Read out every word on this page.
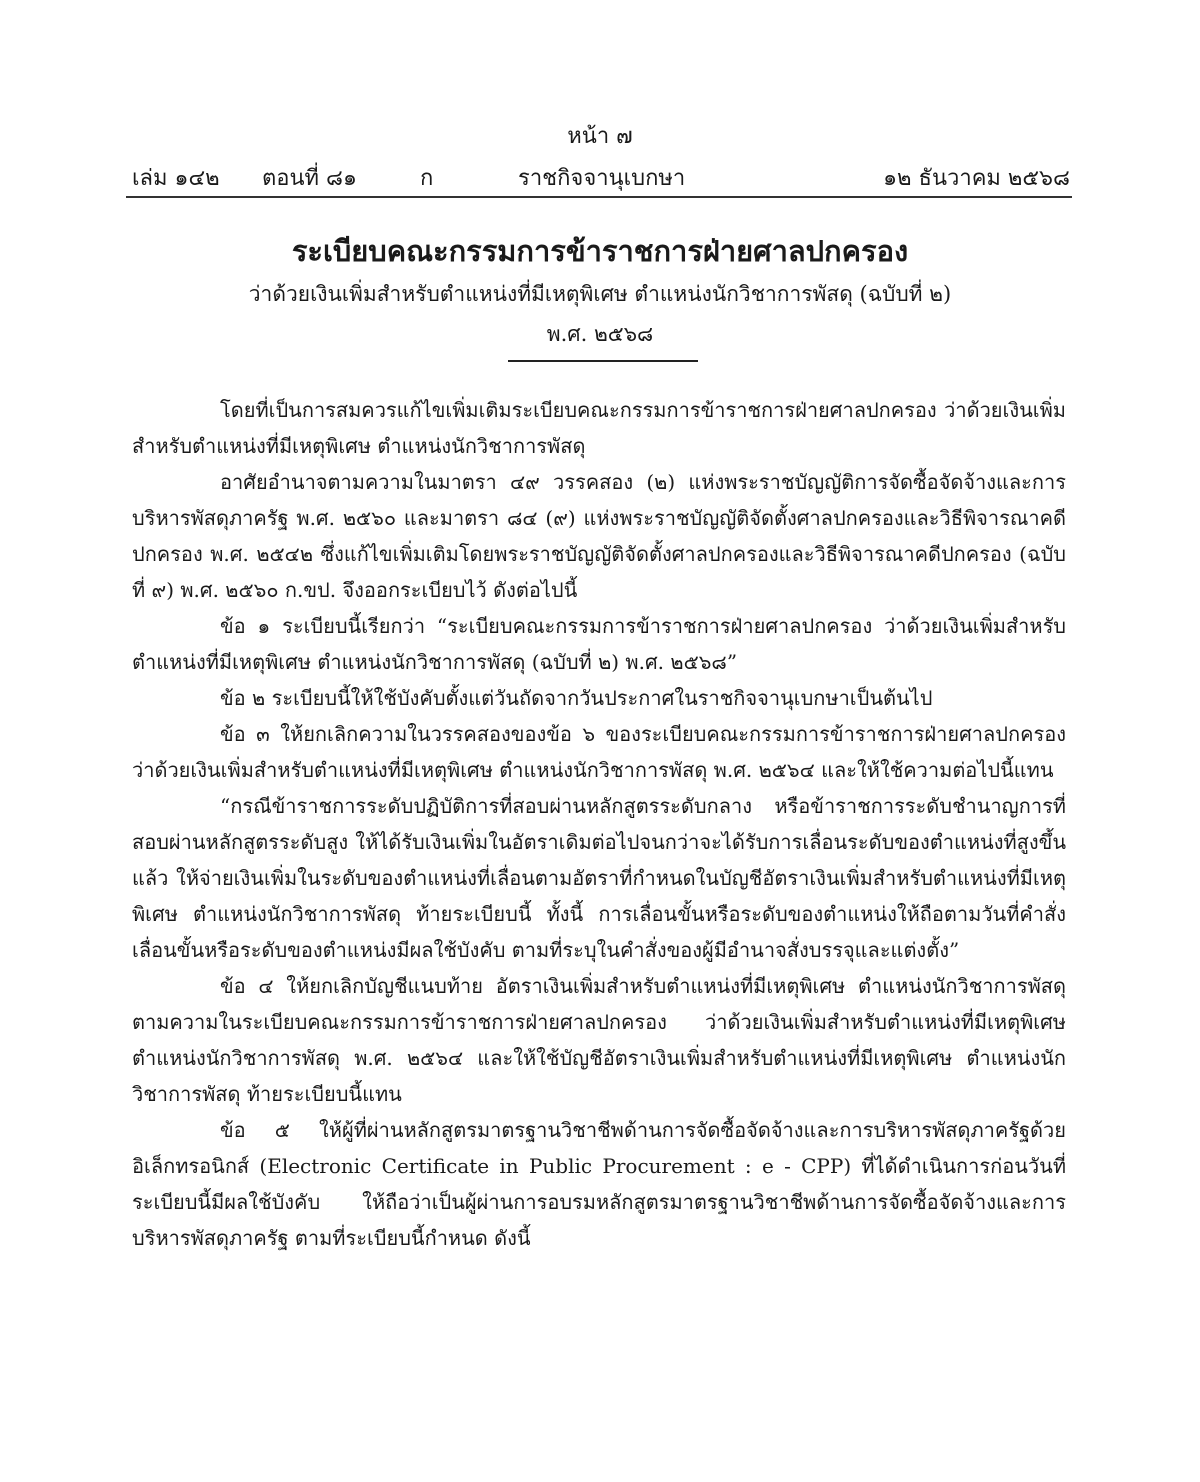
หน้า ๗
เล่ม ๑๔๒ ตอนที่ ๘๑	ก	ราชกิจจานุเบกษา	๑๒ ธันวาคม ๒๕๖๘
ระเบียบคณะกรรมการข้าราชการฝ่ายศาลปกครอง
ว่าด้วยเงินเพิ่มสำหรับตำแหน่งที่มีเหตุพิเศษ ตำแหน่งนักวิชาการพัสดุ (ฉบับที่ ๒)
พ.ศ. ๒๕๖๘

โดยที่เป็นการสมควรแก้ไขเพิ่มเติมระเบียบคณะกรรมการข้าราชการฝ่ายศาลปกครอง ว่าด้วยเงินเพิ่มสำหรับตำแหน่งที่มีเหตุพิเศษ ตำแหน่งนักวิชาการพัสดุ

อาศัยอำนาจตามความในมาตรา ๔๙ วรรคสอง (๒) แห่งพระราชบัญญัติการจัดซื้อจัดจ้างและการบริหารพัสดุภาครัฐ พ.ศ. ๒๕๖๐ และมาตรา ๘๔ (๙) แห่งพระราชบัญญัติจัดตั้งศาลปกครองและวิธีพิจารณาคดีปกครอง พ.ศ. ๒๕๔๒ ซึ่งแก้ไขเพิ่มเติมโดยพระราชบัญญัติจัดตั้งศาลปกครองและวิธีพิจารณาคดีปกครอง (ฉบับที่ ๙) พ.ศ. ๒๕๖๐ ก.ขป. จึงออกระเบียบไว้ ดังต่อไปนี้

ข้อ ๑ ระเบียบนี้เรียกว่า “ระเบียบคณะกรรมการข้าราชการฝ่ายศาลปกครอง ว่าด้วยเงินเพิ่มสำหรับตำแหน่งที่มีเหตุพิเศษ ตำแหน่งนักวิชาการพัสดุ (ฉบับที่ ๒) พ.ศ. ๒๕๖๘”

ข้อ ๒ ระเบียบนี้ให้ใช้บังคับตั้งแต่วันถัดจากวันประกาศในราชกิจจานุเบกษาเป็นต้นไป

ข้อ ๓ ให้ยกเลิกความในวรรคสองของข้อ ๖ ของระเบียบคณะกรรมการข้าราชการฝ่ายศาลปกครอง ว่าด้วยเงินเพิ่มสำหรับตำแหน่งที่มีเหตุพิเศษ ตำแหน่งนักวิชาการพัสดุ พ.ศ. ๒๕๖๔ และให้ใช้ความต่อไปนี้แทน

“กรณีข้าราชการระดับปฏิบัติการที่สอบผ่านหลักสูตรระดับกลาง หรือข้าราชการระดับชำนาญการที่สอบผ่านหลักสูตรระดับสูง ให้ได้รับเงินเพิ่มในอัตราเดิมต่อไปจนกว่าจะได้รับการเลื่อนระดับของตำแหน่งที่สูงขึ้นแล้ว ให้จ่ายเงินเพิ่มในระดับของตำแหน่งที่เลื่อนตามอัตราที่กำหนดในบัญชีอัตราเงินเพิ่มสำหรับตำแหน่งที่มีเหตุพิเศษ ตำแหน่งนักวิชาการพัสดุ ท้ายระเบียบนี้ ทั้งนี้ การเลื่อนขั้นหรือระดับของตำแหน่งให้ถือตามวันที่คำสั่งเลื่อนขั้นหรือระดับของตำแหน่งมีผลใช้บังคับ ตามที่ระบุในคำสั่งของผู้มีอำนาจสั่งบรรจุและแต่งตั้ง”

ข้อ ๔ ให้ยกเลิกบัญชีแนบท้าย อัตราเงินเพิ่มสำหรับตำแหน่งที่มีเหตุพิเศษ ตำแหน่งนักวิชาการพัสดุ ตามความในระเบียบคณะกรรมการข้าราชการฝ่ายศาลปกครอง ว่าด้วยเงินเพิ่มสำหรับตำแหน่งที่มีเหตุพิเศษ ตำแหน่งนักวิชาการพัสดุ พ.ศ. ๒๕๖๔ และให้ใช้บัญชีอัตราเงินเพิ่มสำหรับตำแหน่งที่มีเหตุพิเศษ ตำแหน่งนักวิชาการพัสดุ ท้ายระเบียบนี้แทน

ข้อ ๕ ให้ผู้ที่ผ่านหลักสูตรมาตรฐานวิชาชีพด้านการจัดซื้อจัดจ้างและการบริหารพัสดุภาครัฐด้วยอิเล็กทรอนิกส์ (Electronic Certificate in Public Procurement : e - CPP) ที่ได้ดำเนินการก่อนวันที่ระเบียบนี้มีผลใช้บังคับ ให้ถือว่าเป็นผู้ผ่านการอบรมหลักสูตรมาตรฐานวิชาชีพด้านการจัดซื้อจัดจ้างและการบริหารพัสดุภาครัฐ ตามที่ระเบียบนี้กำหนด ดังนี้
